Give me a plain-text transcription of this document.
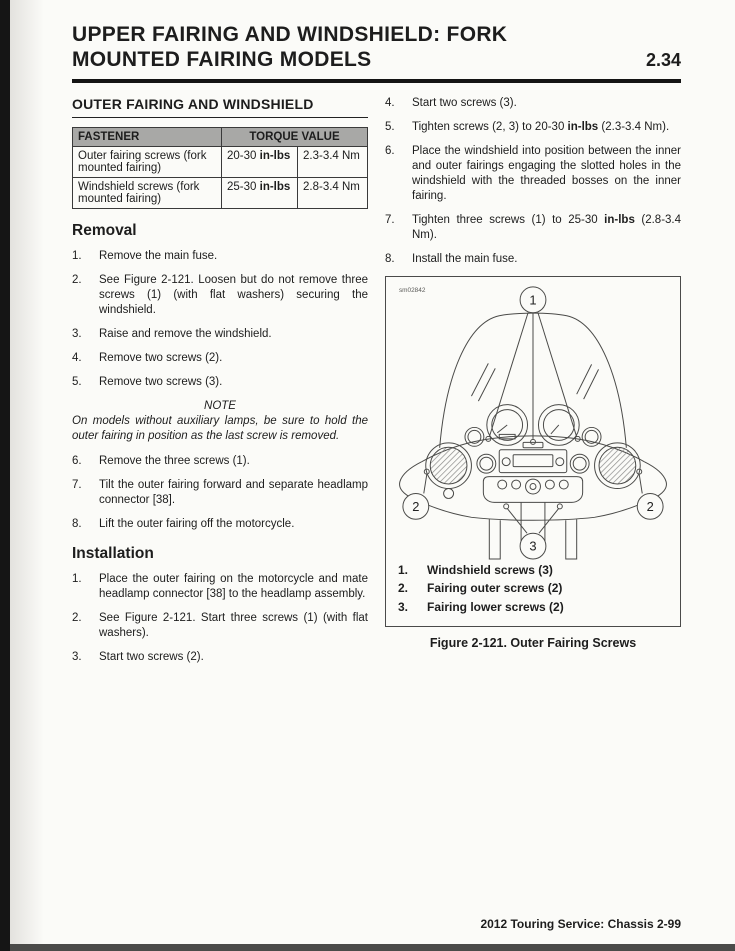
UPPER FAIRING AND WINDSHIELD: FORK
MOUNTED FAIRING MODELS	2.34
OUTER FAIRING AND WINDSHIELD
FASTENER	TORQUE VALUE	
Outer fairing screws (fork mounted fairing)	20-30 in-lbs	2.3-3.4 Nm
Windshield screws (fork mounted fairing)	25-30 in-lbs	2.8-3.4 Nm
Removal
1.	Remove the main fuse.
2.	See Figure 2-121. Loosen but do not remove three screws (1) (with flat washers) securing the windshield.
3.	Raise and remove the windshield.
4.	Remove two screws (2).
5.	Remove two screws (3).
NOTE
On models without auxiliary lamps, be sure to hold the outer fairing in position as the last screw is removed.
6.	Remove the three screws (1).
7.	Tilt the outer fairing forward and separate headlamp connector [38].
8.	Lift the outer fairing off the motorcycle.
Installation
1.	Place the outer fairing on the motorcycle and mate headlamp connector [38] to the headlamp assembly.
2.	See Figure 2-121. Start three screws (1) (with flat washers).
3.	Start two screws (2).
4.	Start two screws (3).
5.	Tighten screws (2, 3) to 20-30 in-lbs (2.3-3.4 Nm).
6.	Place the windshield into position between the inner and outer fairings engaging the slotted holes in the windshield with the threaded bosses on the inner fairing.
7.	Tighten three screws (1) to 25-30 in-lbs (2.8-3.4 Nm).
8.	Install the main fuse.
sm02842
1
2	2
3
1.	Windshield screws (3)
2.	Fairing outer screws (2)
3.	Fairing lower screws (2)
Figure 2-121. Outer Fairing Screws
2012 Touring Service: Chassis 2-99
